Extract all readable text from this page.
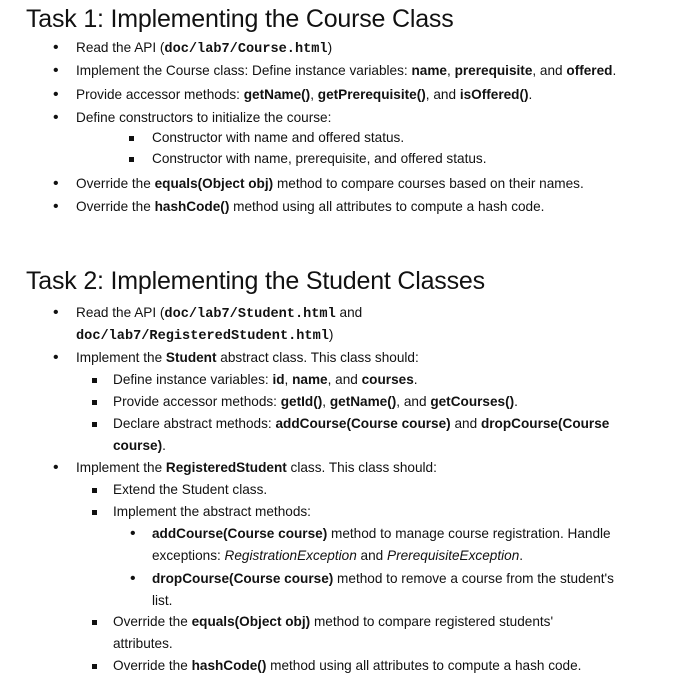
Task 1: Implementing the Course Class
• Read the API (doc/lab7/Course.html)
• Implement the Course class: Define instance variables: name, prerequisite, and offered.
• Provide accessor methods: getName(), getPrerequisite(), and isOffered().
• Define constructors to initialize the course:
Constructor with name and offered status.
Constructor with name, prerequisite, and offered status.
• Override the equals(Object obj) method to compare courses based on their names.
• Override the hashCode() method using all attributes to compute a hash code.
Task 2: Implementing the Student Classes
• Read the API (doc/lab7/Student.html and
doc/lab7/RegisteredStudent.html)
• Implement the Student abstract class. This class should:
Define instance variables: id, name, and courses.
Provide accessor methods: getId(), getName(), and getCourses().
Declare abstract methods: addCourse(Course course) and dropCourse(Course
course).
• Implement the RegisteredStudent class. This class should:
Extend the Student class.
Implement the abstract methods:
• addCourse(Course course) method to manage course registration. Handle
exceptions: RegistrationException and PrerequisiteException.
• dropCourse(Course course) method to remove a course from the student's
list.
Override the equals(Object obj) method to compare registered students'
attributes.
Override the hashCode() method using all attributes to compute a hash code.
